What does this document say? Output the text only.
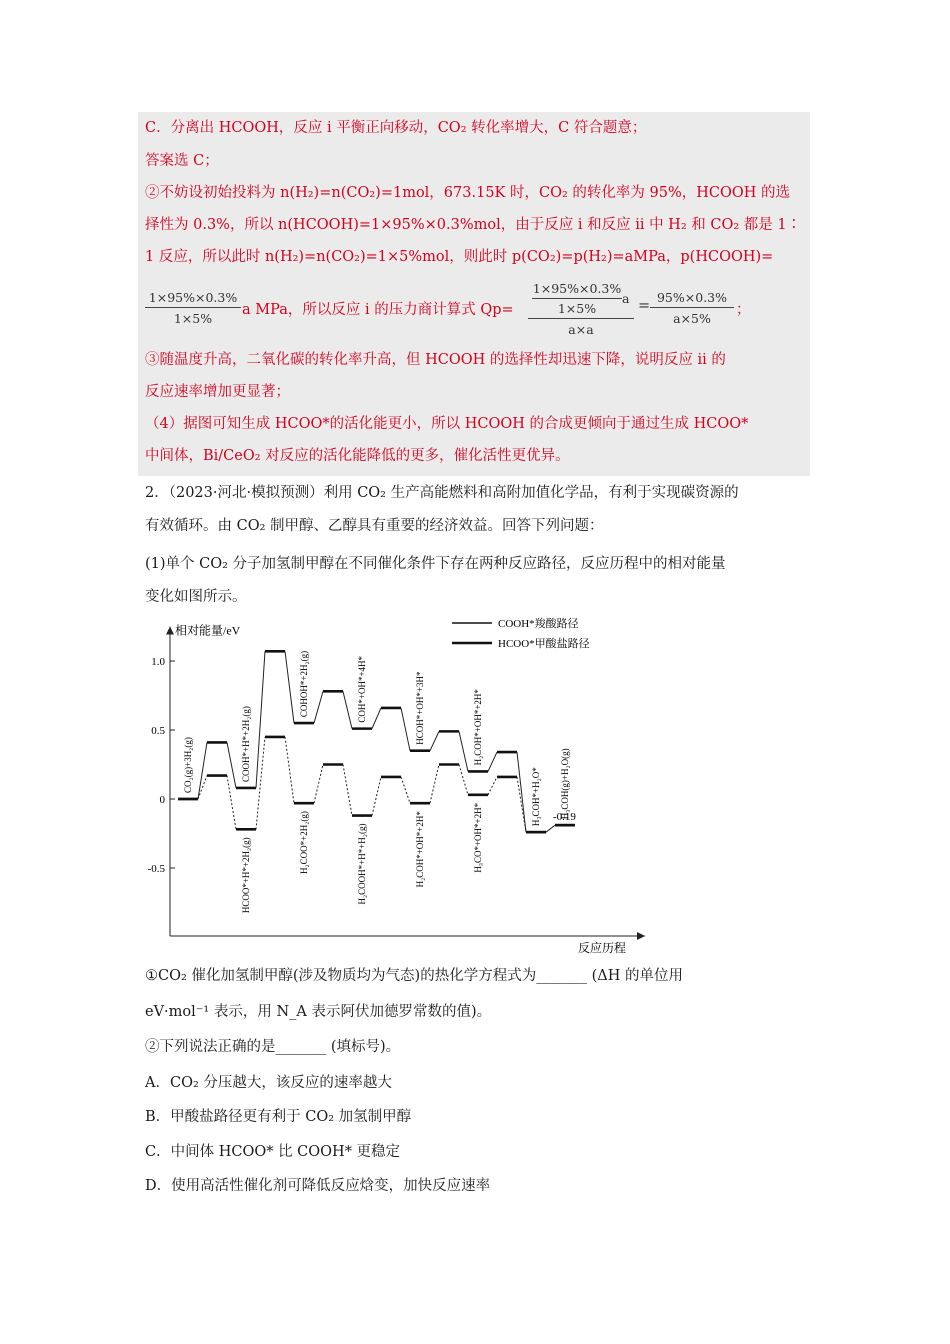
C．分离出 HCOOH，反应 i 平衡正向移动，CO₂ 转化率增大，C 符合题意；
答案选 C；
②不妨设初始投料为 n(H₂)=n(CO₂)=1mol，673.15K 时，CO₂ 的转化率为 95%，HCOOH 的选
择性为 0.3%，所以 n(HCOOH)=1×95%×0.3%mol，由于反应 i 和反应 ii 中 H₂ 和 CO₂ 都是 1∶
1 反应，所以此时 n(H₂)=n(CO₂)=1×5%mol，则此时 p(CO₂)=p(H₂)=aMPa，p(HCOOH)=
1×95%×0.3%
1×5%
a MPa，所以反应 i 的压力商计算式 Qp=
1×95%×0.3%
1×5%
a
a×a
=
95%×0.3%
a×5%
；
③随温度升高，二氧化碳的转化率升高，但 HCOOH 的选择性却迅速下降，说明反应 ii 的
反应速率增加更显著；
（4）据图可知生成 HCOO*的活化能更小，所以 HCOOH 的合成更倾向于通过生成 HCOO*
中间体，Bi/CeO₂ 对反应的活化能降低的更多，催化活性更优异。
2．（2023·河北·模拟预测）利用 CO₂ 生产高能燃料和高附加值化学品，有利于实现碳资源的
有效循环。由 CO₂ 制甲醇、乙醇具有重要的经济效益。回答下列问题：
(1)单个 CO₂ 分子加氢制甲醇在不同催化条件下存在两种反应路径，反应历程中的相对能量
变化如图所示。
相对能量/eV
反应历程
1.0
0.5
0
-0.5
COOH*羧酸路径
HCOO*甲酸盐路径
CO₂(g)+3H₂(g)	COOH*+H*+2H₂(g)
COHOH*+2H₂(g)	COH*+OH*+4H*	HCOH*+OH*+3H*	H₂COH*+OH*+2H*
H₃COH*+H₂O* H₃COH(g)+H₂O(g)
HCOO*+H*+2H₂(g)	H₂COO*+2H₂(g)	H₂COOH*+H*+H₂(g)	H₂COH*+OH*+2H*	H₃CO*+OH*+2H*	-0.19
①CO₂ 催化加氢制甲醇(涉及物质均为气态)的热化学方程式为_______ (ΔH 的单位用
eV·mol⁻¹ 表示，用 N_A 表示阿伏加德罗常数的值)。
②下列说法正确的是_______ (填标号)。
A．CO₂ 分压越大，该反应的速率越大
B．甲酸盐路径更有利于 CO₂ 加氢制甲醇
C．中间体 HCOO* 比 COOH* 更稳定
D．使用高活性催化剂可降低反应焓变，加快反应速率
